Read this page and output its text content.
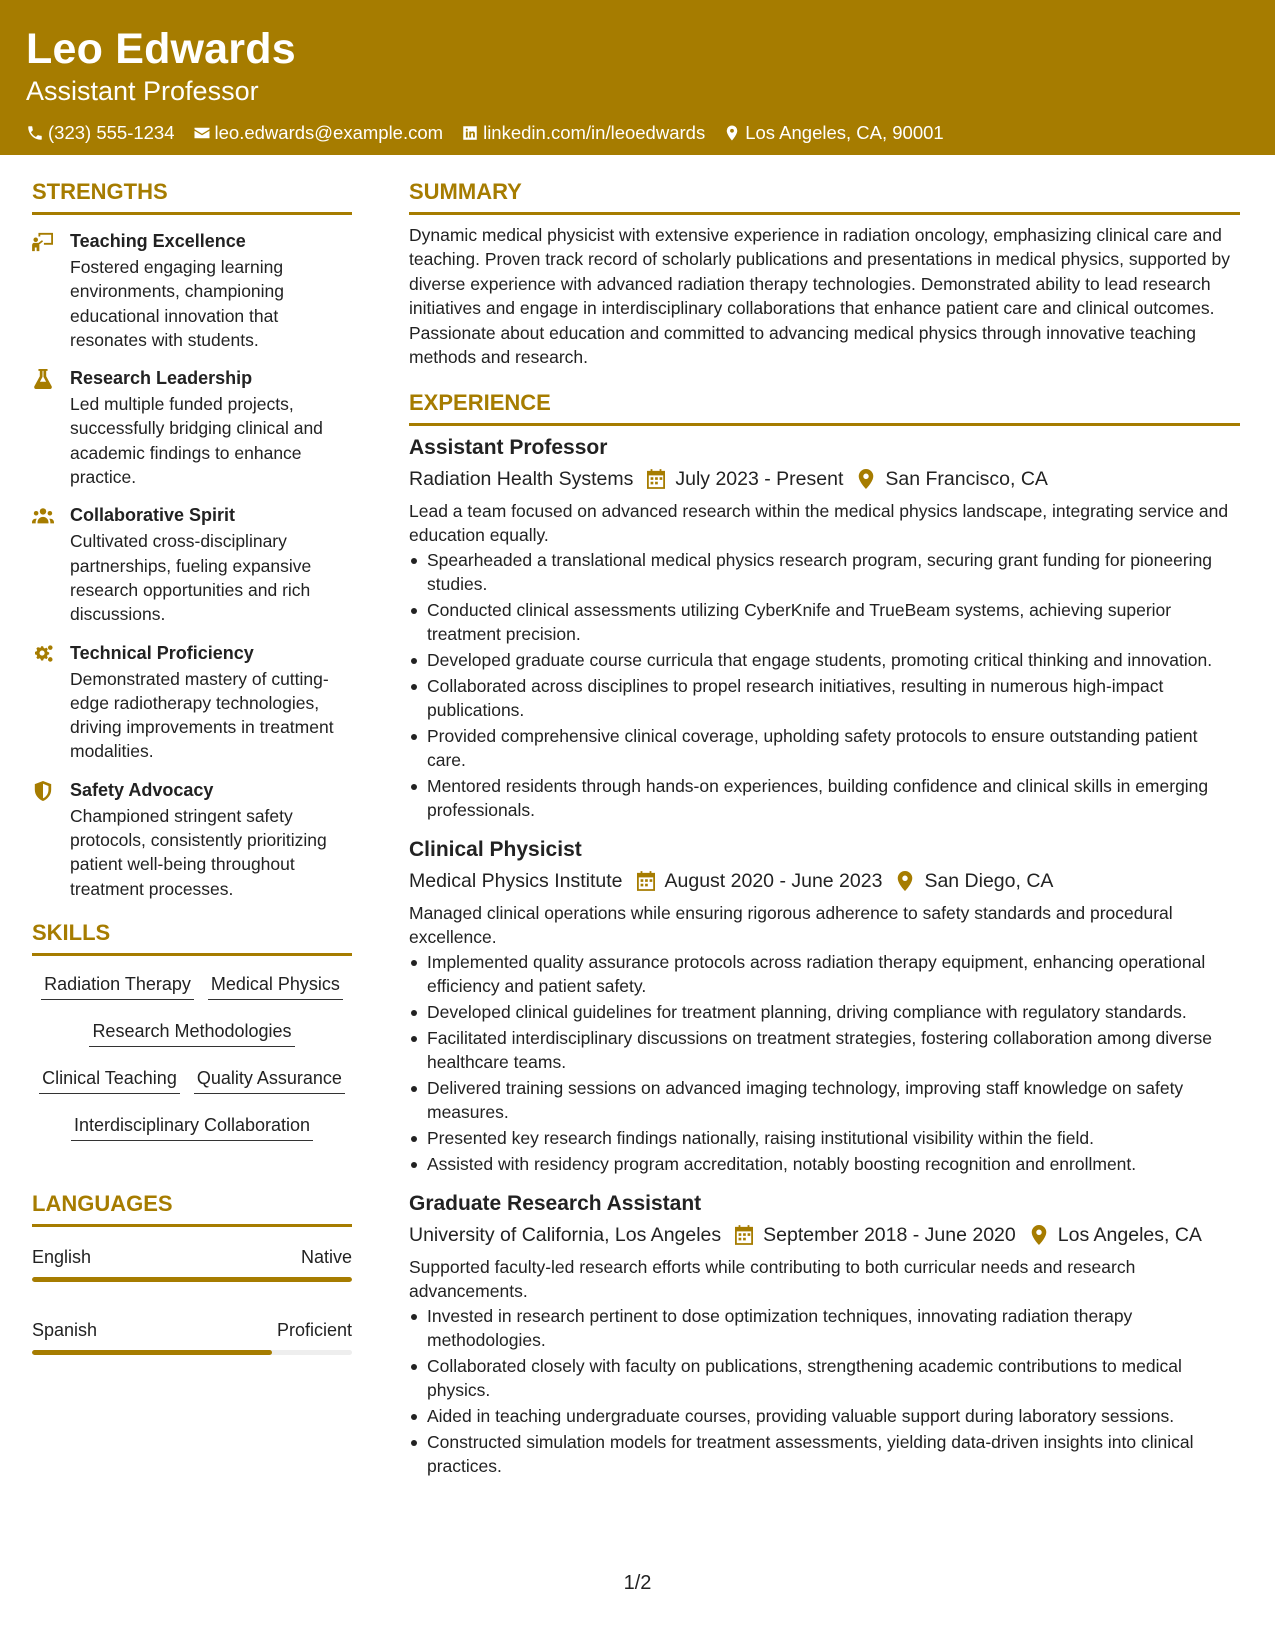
Leo Edwards
Assistant Professor
(323) 555-1234 leo.edwards@example.com linkedin.com/in/leoedwards Los Angeles, CA, 90001
STRENGTHS
Teaching Excellence
Fostered engaging learning environments, championing educational innovation that resonates with students.
Research Leadership
Led multiple funded projects, successfully bridging clinical and academic findings to enhance practice.
Collaborative Spirit
Cultivated cross-disciplinary partnerships, fueling expansive research opportunities and rich discussions.
Technical Proficiency
Demonstrated mastery of cutting-edge radiotherapy technologies, driving improvements in treatment modalities.
Safety Advocacy
Championed stringent safety protocols, consistently prioritizing patient well-being throughout treatment processes.
SKILLS
Radiation Therapy Medical Physics
Research Methodologies
Clinical Teaching Quality Assurance
Interdisciplinary Collaboration
LANGUAGES
English	Native
Spanish	Proficient
SUMMARY
Dynamic medical physicist with extensive experience in radiation oncology, emphasizing clinical care and teaching. Proven track record of scholarly publications and presentations in medical physics, supported by diverse experience with advanced radiation therapy technologies. Demonstrated ability to lead research initiatives and engage in interdisciplinary collaborations that enhance patient care and clinical outcomes. Passionate about education and committed to advancing medical physics through innovative teaching methods and research.
EXPERIENCE
Assistant Professor
Radiation Health Systems July 2023 - Present San Francisco, CA
Lead a team focused on advanced research within the medical physics landscape, integrating service and education equally.
Spearheaded a translational medical physics research program, securing grant funding for pioneering studies.
Conducted clinical assessments utilizing CyberKnife and TrueBeam systems, achieving superior treatment precision.
Developed graduate course curricula that engage students, promoting critical thinking and innovation.
Collaborated across disciplines to propel research initiatives, resulting in numerous high-impact publications.
Provided comprehensive clinical coverage, upholding safety protocols to ensure outstanding patient care.
Mentored residents through hands-on experiences, building confidence and clinical skills in emerging professionals.
Clinical Physicist
Medical Physics Institute August 2020 - June 2023 San Diego, CA
Managed clinical operations while ensuring rigorous adherence to safety standards and procedural excellence.
Implemented quality assurance protocols across radiation therapy equipment, enhancing operational efficiency and patient safety.
Developed clinical guidelines for treatment planning, driving compliance with regulatory standards.
Facilitated interdisciplinary discussions on treatment strategies, fostering collaboration among diverse healthcare teams.
Delivered training sessions on advanced imaging technology, improving staff knowledge on safety measures.
Presented key research findings nationally, raising institutional visibility within the field.
Assisted with residency program accreditation, notably boosting recognition and enrollment.
Graduate Research Assistant
University of California, Los Angeles September 2018 - June 2020 Los Angeles, CA
Supported faculty-led research efforts while contributing to both curricular needs and research advancements.
Invested in research pertinent to dose optimization techniques, innovating radiation therapy methodologies.
Collaborated closely with faculty on publications, strengthening academic contributions to medical physics.
Aided in teaching undergraduate courses, providing valuable support during laboratory sessions.
Constructed simulation models for treatment assessments, yielding data-driven insights into clinical practices.
1/2
